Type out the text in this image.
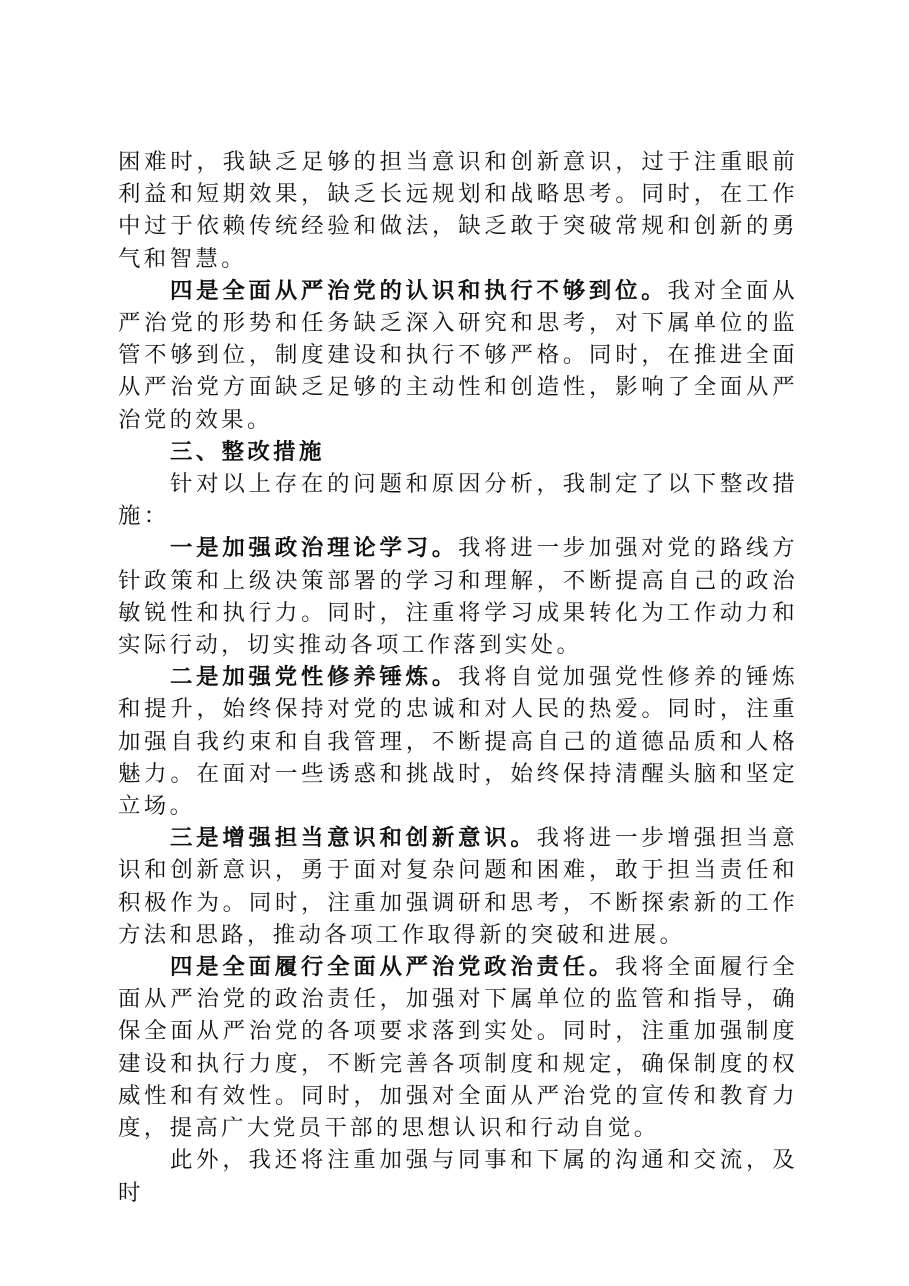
困难时，我缺乏足够的担当意识和创新意识，过于注重眼前利益和短期效果，缺乏长远规划和战略思考。同时，在工作中过于依赖传统经验和做法，缺乏敢于突破常规和创新的勇气和智慧。

四是全面从严治党的认识和执行不够到位。我对全面从严治党的形势和任务缺乏深入研究和思考，对下属单位的监管不够到位，制度建设和执行不够严格。同时，在推进全面从严治党方面缺乏足够的主动性和创造性，影响了全面从严治党的效果。

三、整改措施

针对以上存在的问题和原因分析，我制定了以下整改措施：

一是加强政治理论学习。我将进一步加强对党的路线方针政策和上级决策部署的学习和理解，不断提高自己的政治敏锐性和执行力。同时，注重将学习成果转化为工作动力和实际行动，切实推动各项工作落到实处。

二是加强党性修养锤炼。我将自觉加强党性修养的锤炼和提升，始终保持对党的忠诚和对人民的热爱。同时，注重加强自我约束和自我管理，不断提高自己的道德品质和人格魅力。在面对一些诱惑和挑战时，始终保持清醒头脑和坚定立场。

三是增强担当意识和创新意识。我将进一步增强担当意识和创新意识，勇于面对复杂问题和困难，敢于担当责任和积极作为。同时，注重加强调研和思考，不断探索新的工作方法和思路，推动各项工作取得新的突破和进展。

四是全面履行全面从严治党政治责任。我将全面履行全面从严治党的政治责任，加强对下属单位的监管和指导，确保全面从严治党的各项要求落到实处。同时，注重加强制度建设和执行力度，不断完善各项制度和规定，确保制度的权威性和有效性。同时，加强对全面从严治党的宣传和教育力度，提高广大党员干部的思想认识和行动自觉。

此外，我还将注重加强与同事和下属的沟通和交流，及时
